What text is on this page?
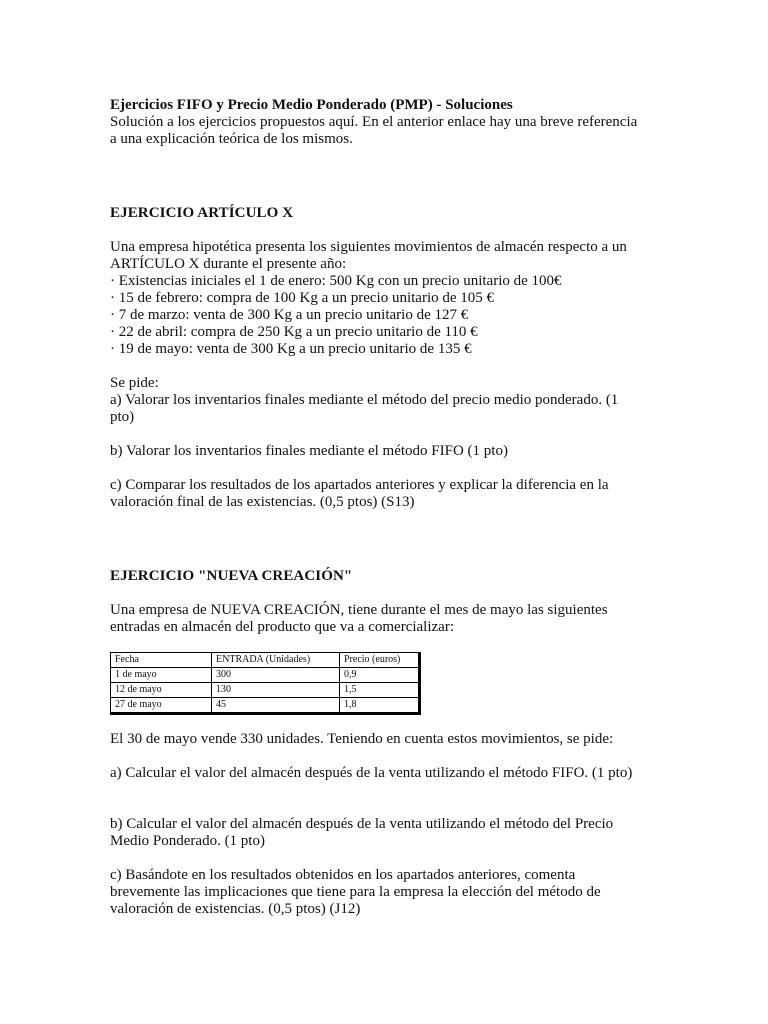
Ejercicios FIFO y Precio Medio Ponderado (PMP) - Soluciones
Solución a los ejercicios propuestos aquí. En el anterior enlace hay una breve referencia
a una explicación teórica de los mismos.
EJERCICIO ARTÍCULO X
Una empresa hipotética presenta los siguientes movimientos de almacén respecto a un
ARTÍCULO X durante el presente año:
· Existencias iniciales el 1 de enero: 500 Kg con un precio unitario de 100€
· 15 de febrero: compra de 100 Kg a un precio unitario de 105 €
· 7 de marzo: venta de 300 Kg a un precio unitario de 127 €
· 22 de abril: compra de 250 Kg a un precio unitario de 110 €
· 19 de mayo: venta de 300 Kg a un precio unitario de 135 €
Se pide:
a) Valorar los inventarios finales mediante el método del precio medio ponderado. (1
pto)
b) Valorar los inventarios finales mediante el método FIFO (1 pto)
c) Comparar los resultados de los apartados anteriores y explicar la diferencia en la
valoración final de las existencias. (0,5 ptos) (S13)
EJERCICIO "NUEVA CREACIÓN"
Una empresa de NUEVA CREACIÓN, tiene durante el mes de mayo las siguientes
entradas en almacén del producto que va a comercializar:
Fecha	ENTRADA (Unidades)	Precio (euros)
1 de mayo	300	0,9
12 de mayo	130	1,5
27 de mayo	45	1,8
El 30 de mayo vende 330 unidades. Teniendo en cuenta estos movimientos, se pide:
a) Calcular el valor del almacén después de la venta utilizando el método FIFO. (1 pto)
b) Calcular el valor del almacén después de la venta utilizando el método del Precio
Medio Ponderado. (1 pto)
c) Basándote en los resultados obtenidos en los apartados anteriores, comenta
brevemente las implicaciones que tiene para la empresa la elección del método de
valoración de existencias. (0,5 ptos) (J12)
